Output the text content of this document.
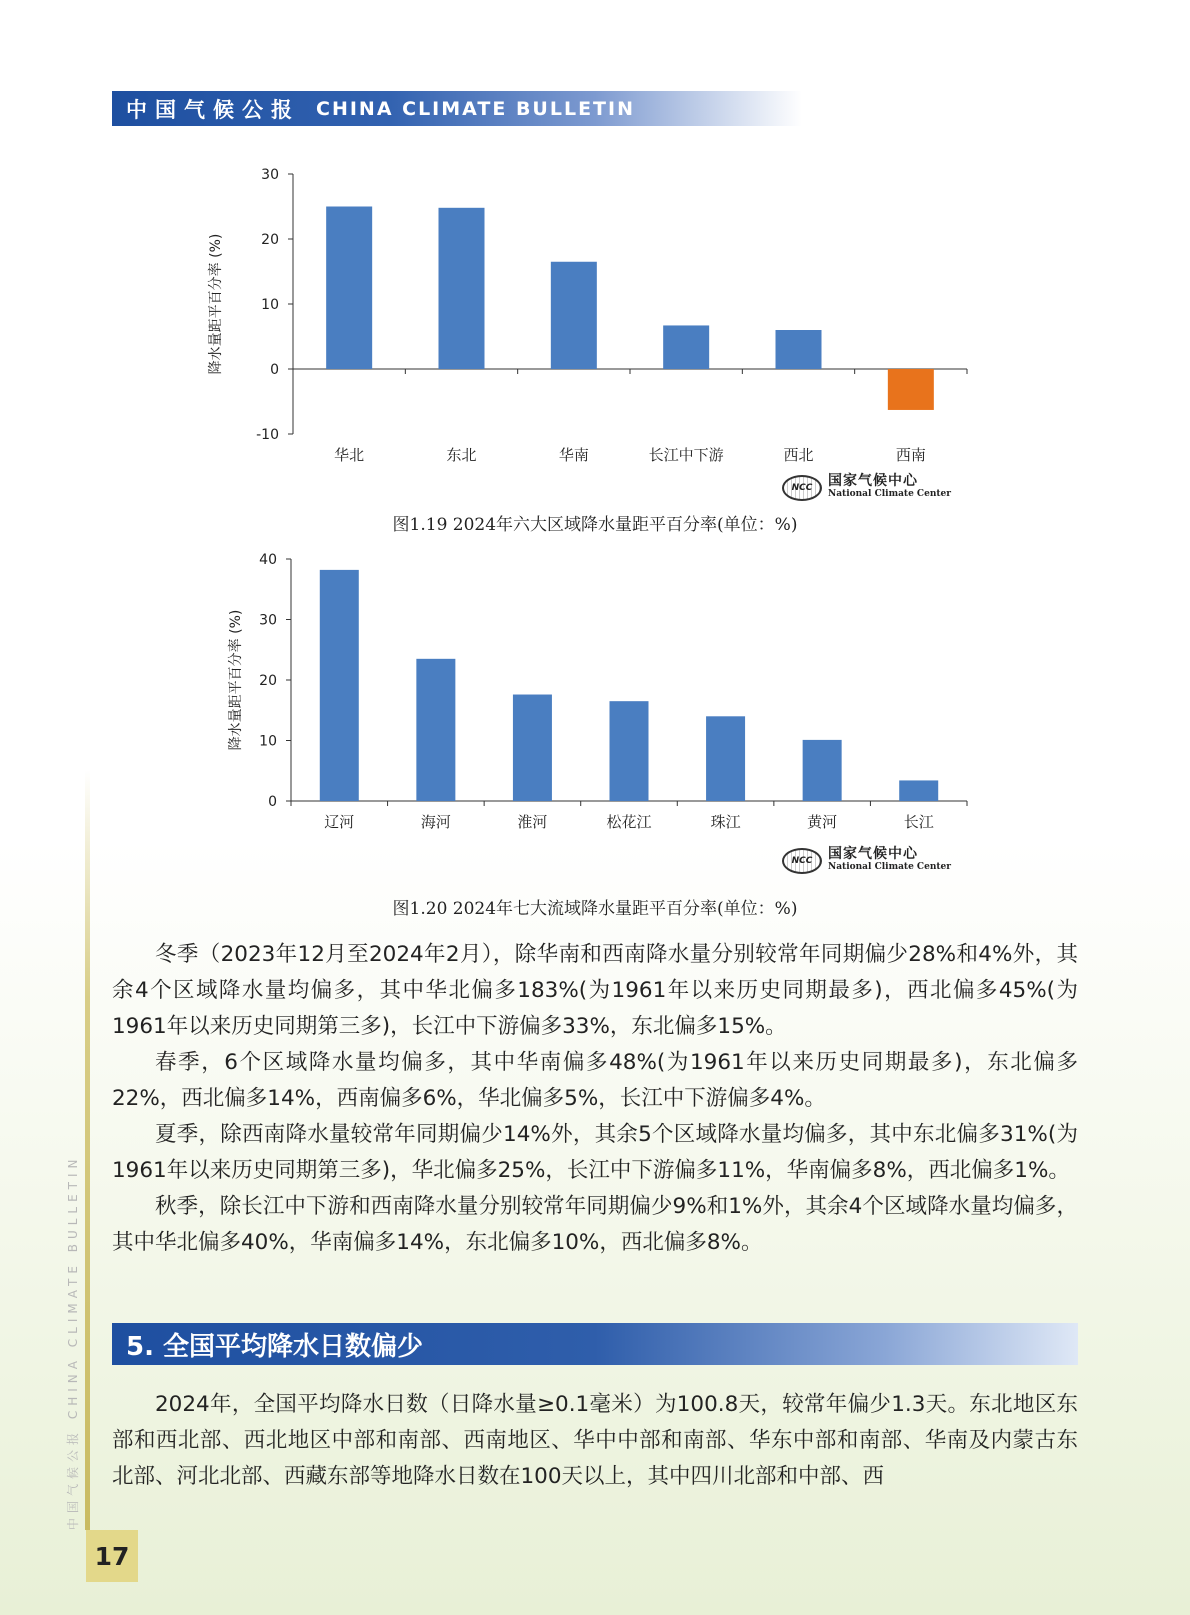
中国气候公报 CHINA CLIMATE BULLETIN
-10
0
10
20
30
华北	东北	华南	长江中下游	西北	西南
降水量距平百分率 (%)
NCC 国家气候中心
National Climate Center
图1.19 2024年六大区域降水量距平百分率(单位：%)
0
10
20
30
40
辽河	海河	淮河	松花江	珠江	黄河	长江
降水量距平百分率 (%)
NCC 国家气候中心
National Climate Center
图1.20 2024年七大流域降水量距平百分率(单位：%)

冬季（2023年12月至2024年2月），除华南和西南降水量分别较常年同期偏少28%和4%外，其余4个区域降水量均偏多，其中华北偏多183%(为1961年以来历史同期最多)，西北偏多45%(为1961年以来历史同期第三多)，长江中下游偏多33%，东北偏多15%。

春季，6个区域降水量均偏多，其中华南偏多48%(为1961年以来历史同期最多)，东北偏多22%，西北偏多14%，西南偏多6%，华北偏多5%，长江中下游偏多4%。

夏季，除西南降水量较常年同期偏少14%外，其余5个区域降水量均偏多，其中东北偏多31%(为1961年以来历史同期第三多)，华北偏多25%，长江中下游偏多11%，华南偏多8%，西北偏多1%。

秋季，除长江中下游和西南降水量分别较常年同期偏少9%和1%外，其余4个区域降水量均偏多，其中华北偏多40%，华南偏多14%，东北偏多10%，西北偏多8%。

5. 全国平均降水日数偏少

2024年，全国平均降水日数（日降水量≥0.1毫米）为100.8天，较常年偏少1.3天。东北地区东部和西北部、西北地区中部和南部、西南地区、华中中部和南部、华东中部和南部、华南及内蒙古东北部、河北北部、西藏东部等地降水日数在100天以上，其中四川北部和中部、西

中国气候公报 CHINA CLIMATE BULLETIN
17
